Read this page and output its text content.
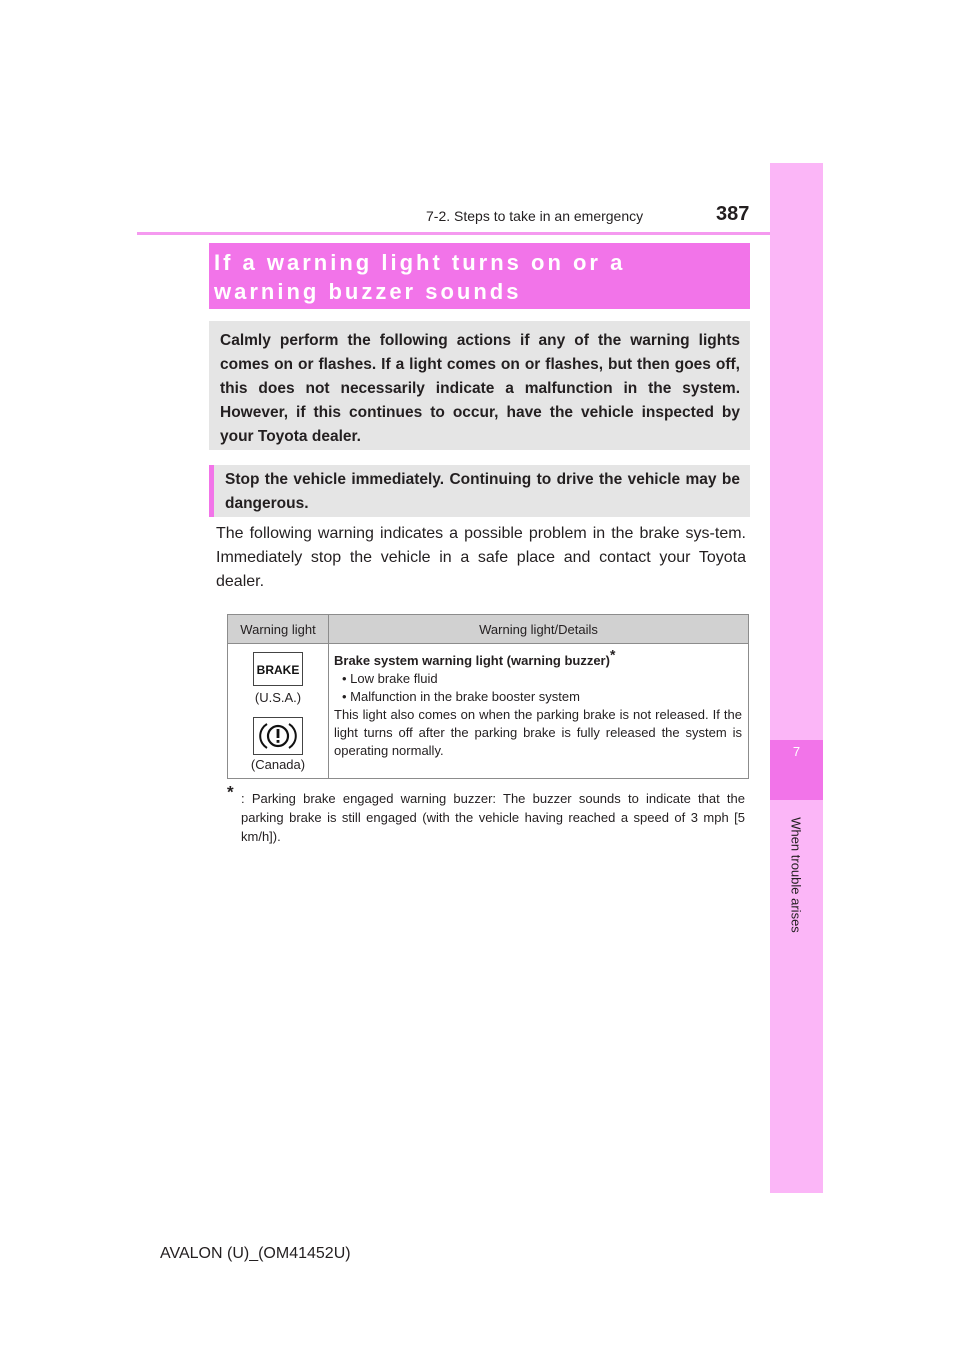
7-2. Steps to take in an emergency	387
7
When trouble arises
If a warning light turns on or a warning buzzer sounds
Calmly perform the following actions if any of the warning lights comes on or flashes. If a light comes on or flashes, but then goes off, this does not necessarily indicate a malfunction in the system. However, if this continues to occur, have the vehicle inspected by your Toyota dealer.
Stop the vehicle immediately. Continuing to drive the vehicle may be dangerous.
The following warning indicates a possible problem in the brake sys-tem. Immediately stop the vehicle in a safe place and contact your Toyota dealer.
Warning light	Warning light/Details
BRAKE
(U.S.A.)
(Canada)
Brake system warning light (warning buzzer)*
• Low brake fluid
• Malfunction in the brake booster system
This light also comes on when the parking brake is not released. If the light turns off after the parking brake is fully released the system is operating normally.
* : Parking brake engaged warning buzzer: The buzzer sounds to indicate that the parking brake is still engaged (with the vehicle having reached a speed of 3 mph [5 km/h]).
AVALON (U)_(OM41452U)
